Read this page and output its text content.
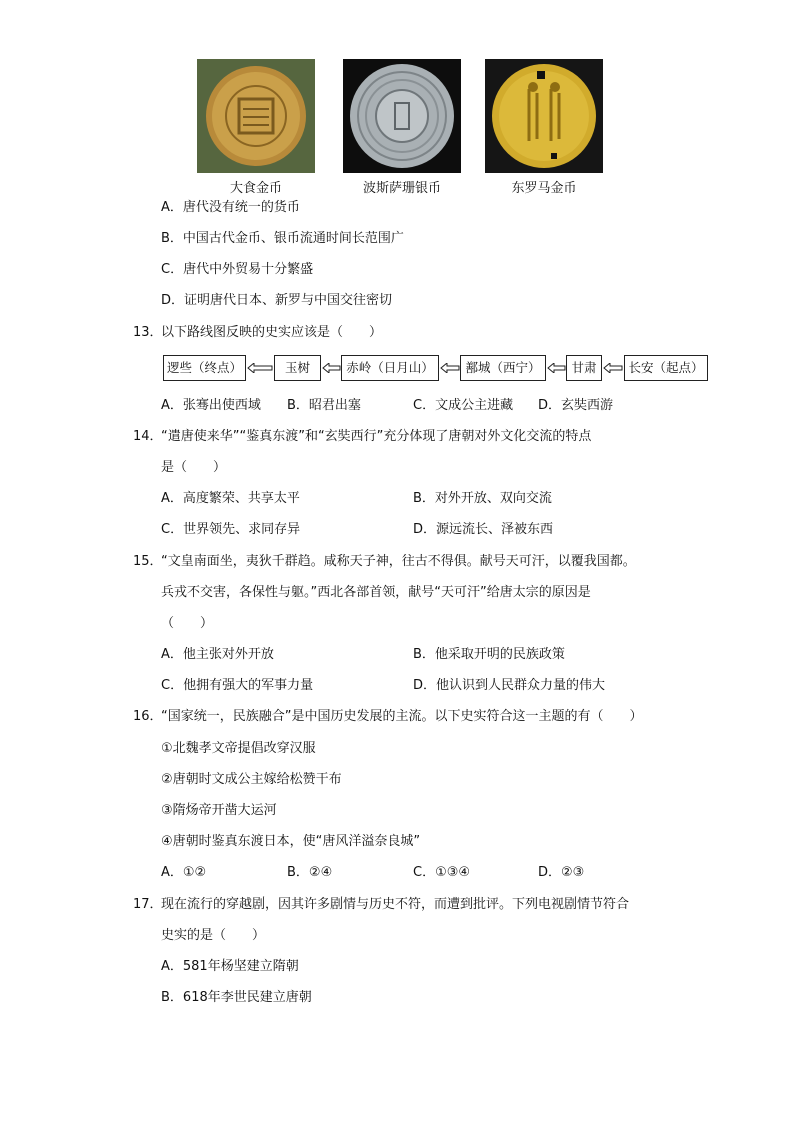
大食金币	波斯萨珊银币	东罗马金币
A．唐代没有统一的货币
B．中国古代金币、银币流通时间长范围广
C．唐代中外贸易十分繁盛
D．证明唐代日本、新罗与中国交往密切
13．
以下路线图反映的史实应该是（　　）
逻些（终点）	玉树	赤岭（日月山）	鄯城（西宁）	甘肃	长安（起点）
A．张骞出使西域 B．昭君出塞	C．文成公主进藏 D．玄奘西游
14．
“遣唐使来华”“鉴真东渡”和“玄奘西行”充分体现了唐朝对外文化交流的特点
是（　　）
A．高度繁荣、共享太平	B．对外开放、双向交流
C．世界领先、求同存异	D．源远流长、泽被东西
15．
“文皇南面坐，夷狄千群趋。咸称天子神，往古不得俱。献号天可汗，以覆我国都。
兵戎不交害，各保性与躯。”西北各部首领，献号“天可汗”给唐太宗的原因是
（　　）
A．他主张对外开放	B．他采取开明的民族政策
C．他拥有强大的军事力量	D．他认识到人民群众力量的伟大
16．
“国家统一，民族融合”是中国历史发展的主流。以下史实符合这一主题的有（　　）
①北魏孝文帝提倡改穿汉服
②唐朝时文成公主嫁给松赞干布
③隋炀帝开凿大运河
④唐朝时鉴真东渡日本，使“唐风洋溢奈良城”
A．①②	B．②④	C．①③④	D．②③
17．
现在流行的穿越剧，因其许多剧情与历史不符，而遭到批评。下列电视剧情节符合
史实的是（　　）
A．581年杨坚建立隋朝
B．618年李世民建立唐朝
